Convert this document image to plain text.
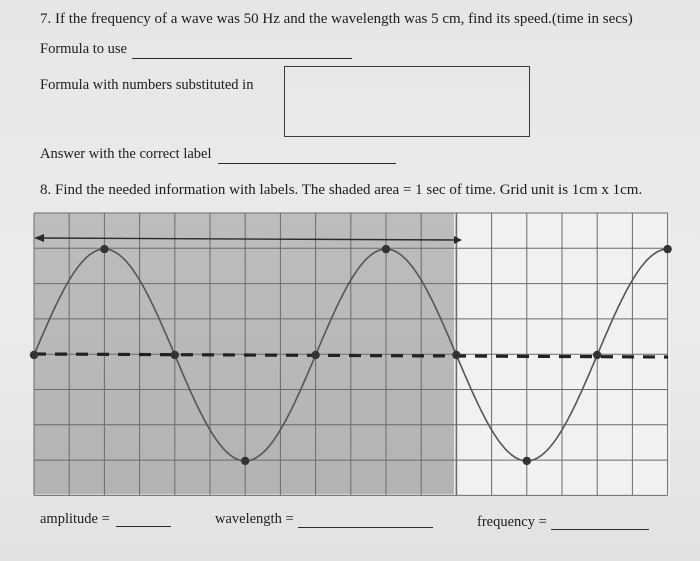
7. If the frequency of a wave was 50 Hz and the wavelength was 5 cm, find its speed.(time in secs)
Formula to use
Formula with numbers substituted in
Answer with the correct label
8. Find the needed information with labels. The shaded area = 1 sec of time. Grid unit is 1cm x 1cm.
amplitude =	wavelength =	frequency =
